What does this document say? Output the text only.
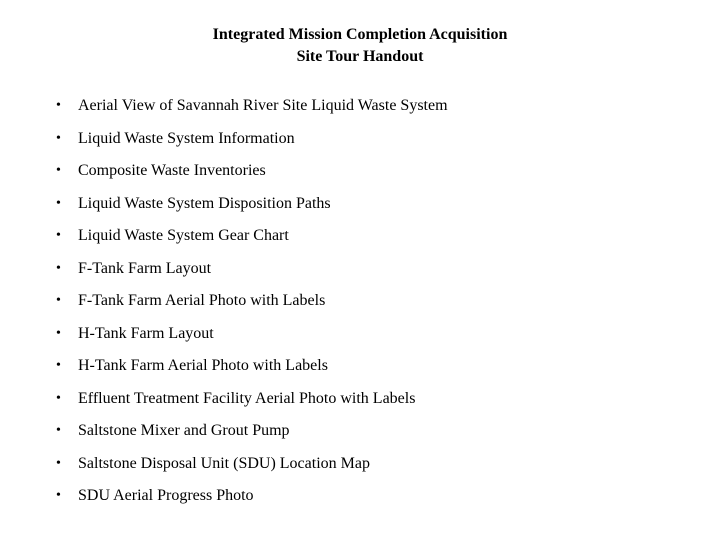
Integrated Mission Completion Acquisition
Site Tour Handout
•	Aerial View of Savannah River Site Liquid Waste System
•	Liquid Waste System Information
•	Composite Waste Inventories
•	Liquid Waste System Disposition Paths
•	Liquid Waste System Gear Chart
•	F-Tank Farm Layout
•	F-Tank Farm Aerial Photo with Labels
•	H-Tank Farm Layout
•	H-Tank Farm Aerial Photo with Labels
•	Effluent Treatment Facility Aerial Photo with Labels
•	Saltstone Mixer and Grout Pump
•	Saltstone Disposal Unit (SDU) Location Map
•	SDU Aerial Progress Photo
